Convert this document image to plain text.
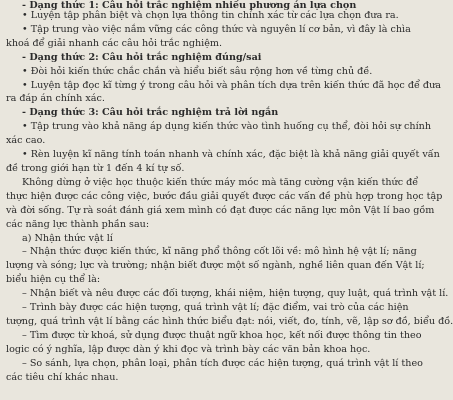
- Dạng thức 1: Câu hỏi trắc nghiệm nhiều phương án lựa chọn
• Luyện tập phân biệt và chọn lựa thông tin chính xác từ các lựa chọn đưa ra.
• Tập trung vào việc nắm vững các công thức và nguyên lí cơ bản, vì đây là chìa
khoá để giải nhanh các câu hỏi trắc nghiệm.
- Dạng thức 2: Câu hỏi trắc nghiệm đúng/sai
• Đòi hỏi kiến thức chắc chắn và hiểu biết sâu rộng hơn về từng chủ đề.
• Luyện tập đọc kĩ từng ý trong câu hỏi và phân tích dựa trên kiến thức đã học để đưa
ra đáp án chính xác.
- Dạng thức 3: Câu hỏi trắc nghiệm trả lời ngắn
• Tập trung vào khả năng áp dụng kiến thức vào tình huống cụ thể, đòi hỏi sự chính
xác cao.
• Rèn luyện kĩ năng tính toán nhanh và chính xác, đặc biệt là khả năng giải quyết vấn
đề trong giới hạn từ 1 đến 4 kí tự số.
Không dừng ở việc học thuộc kiến thức máy móc mà tăng cường vận kiến thức để
thực hiện được các công việc, bước đầu giải quyết được các vấn đề phù hợp trong học tập
và đời sống. Tự rà soát đánh giá xem mình có đạt được các năng lực môn Vật lí bao gồm
các năng lực thành phần sau:
a) Nhận thức vật lí
– Nhận thức được kiến thức, kĩ năng phổ thông cốt lõi về: mô hình hệ vật lí; năng
lượng và sóng; lực và trường; nhận biết được một số ngành, nghề liên quan đến Vật lí;
biểu hiện cụ thể là:
– Nhận biết và nêu được các đối tượng, khái niệm, hiện tượng, quy luật, quá trình vật lí.
– Trình bày được các hiện tượng, quá trình vật lí; đặc điểm, vai trò của các hiện
tượng, quá trình vật lí bằng các hình thức biểu đạt: nói, viết, đo, tính, vẽ, lập sơ đồ, biểu đồ.
– Tìm được từ khoá, sử dụng được thuật ngữ khoa học, kết nối được thông tin theo
logic có ý nghĩa, lập được dàn ý khi đọc và trình bày các văn bản khoa học.
– So sánh, lựa chọn, phân loại, phân tích được các hiện tượng, quá trình vật lí theo
các tiêu chí khác nhau.
